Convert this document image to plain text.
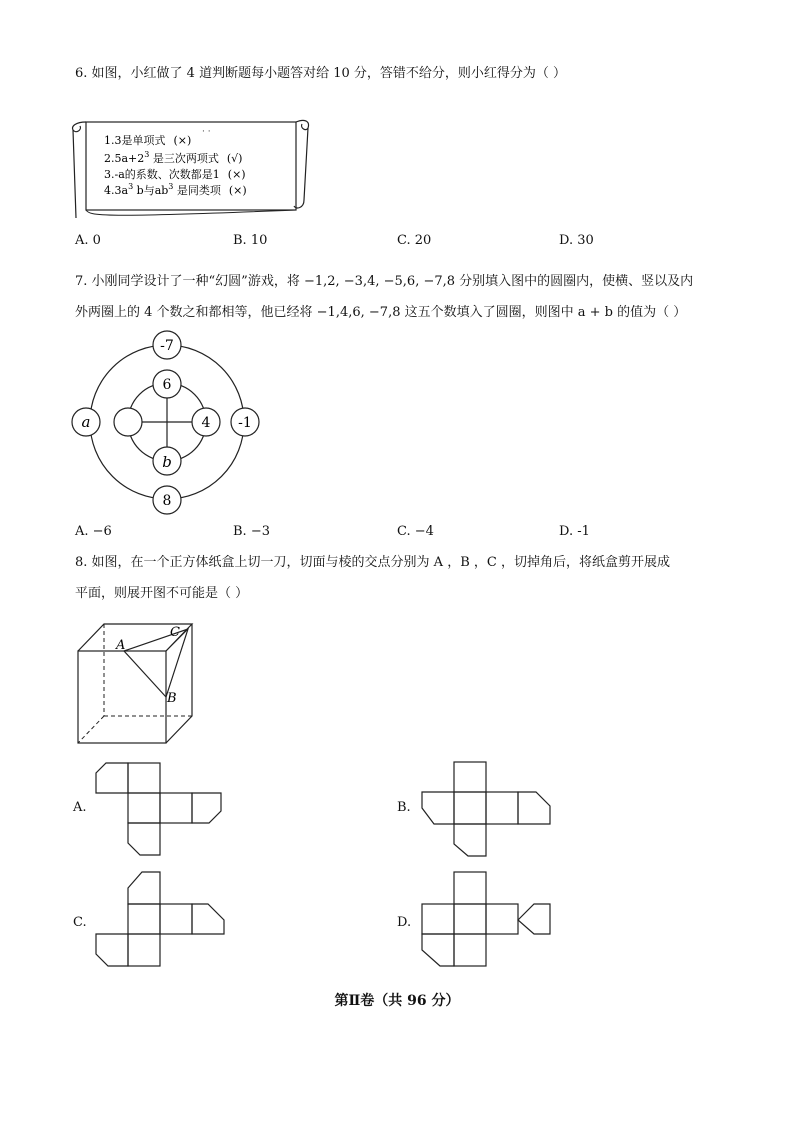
6. 如图，小红做了 4 道判断题每小题答对给 10 分，答错不给分，则小红得分为（ ）
· ·
1.3是单项式 (×)
$2.5a+2^3$ 是三次两项式 (√)
3.-a的系数、次数都是1 (×)
$4.3a^3$ b与$ab^3$ 是同类项 (×)
A. 0	B. 10	C. 20	D. 30
7. 小刚同学设计了一种“幻圆”游戏，将 −1,2, −3,4, −5,6, −7,8 分别填入图中的圆圈内，使横、竖以及内
外两圈上的 4 个数之和都相等，他已经将 −1,4,6, −7,8 这五个数填入了圆圈，则图中 a + b 的值为（ ）
-7
6
a	4 -1
b
8
A. −6	B. −3	C. −4	D. -1
8. 如图，在一个正方体纸盒上切一刀，切面与棱的交点分别为 A ，B ，C ，切掉角后，将纸盒剪开展成
平面，则展开图不可能是（ ）
A
C
B
A.	B.
C.	D.
第Ⅱ卷（共 96 分）
